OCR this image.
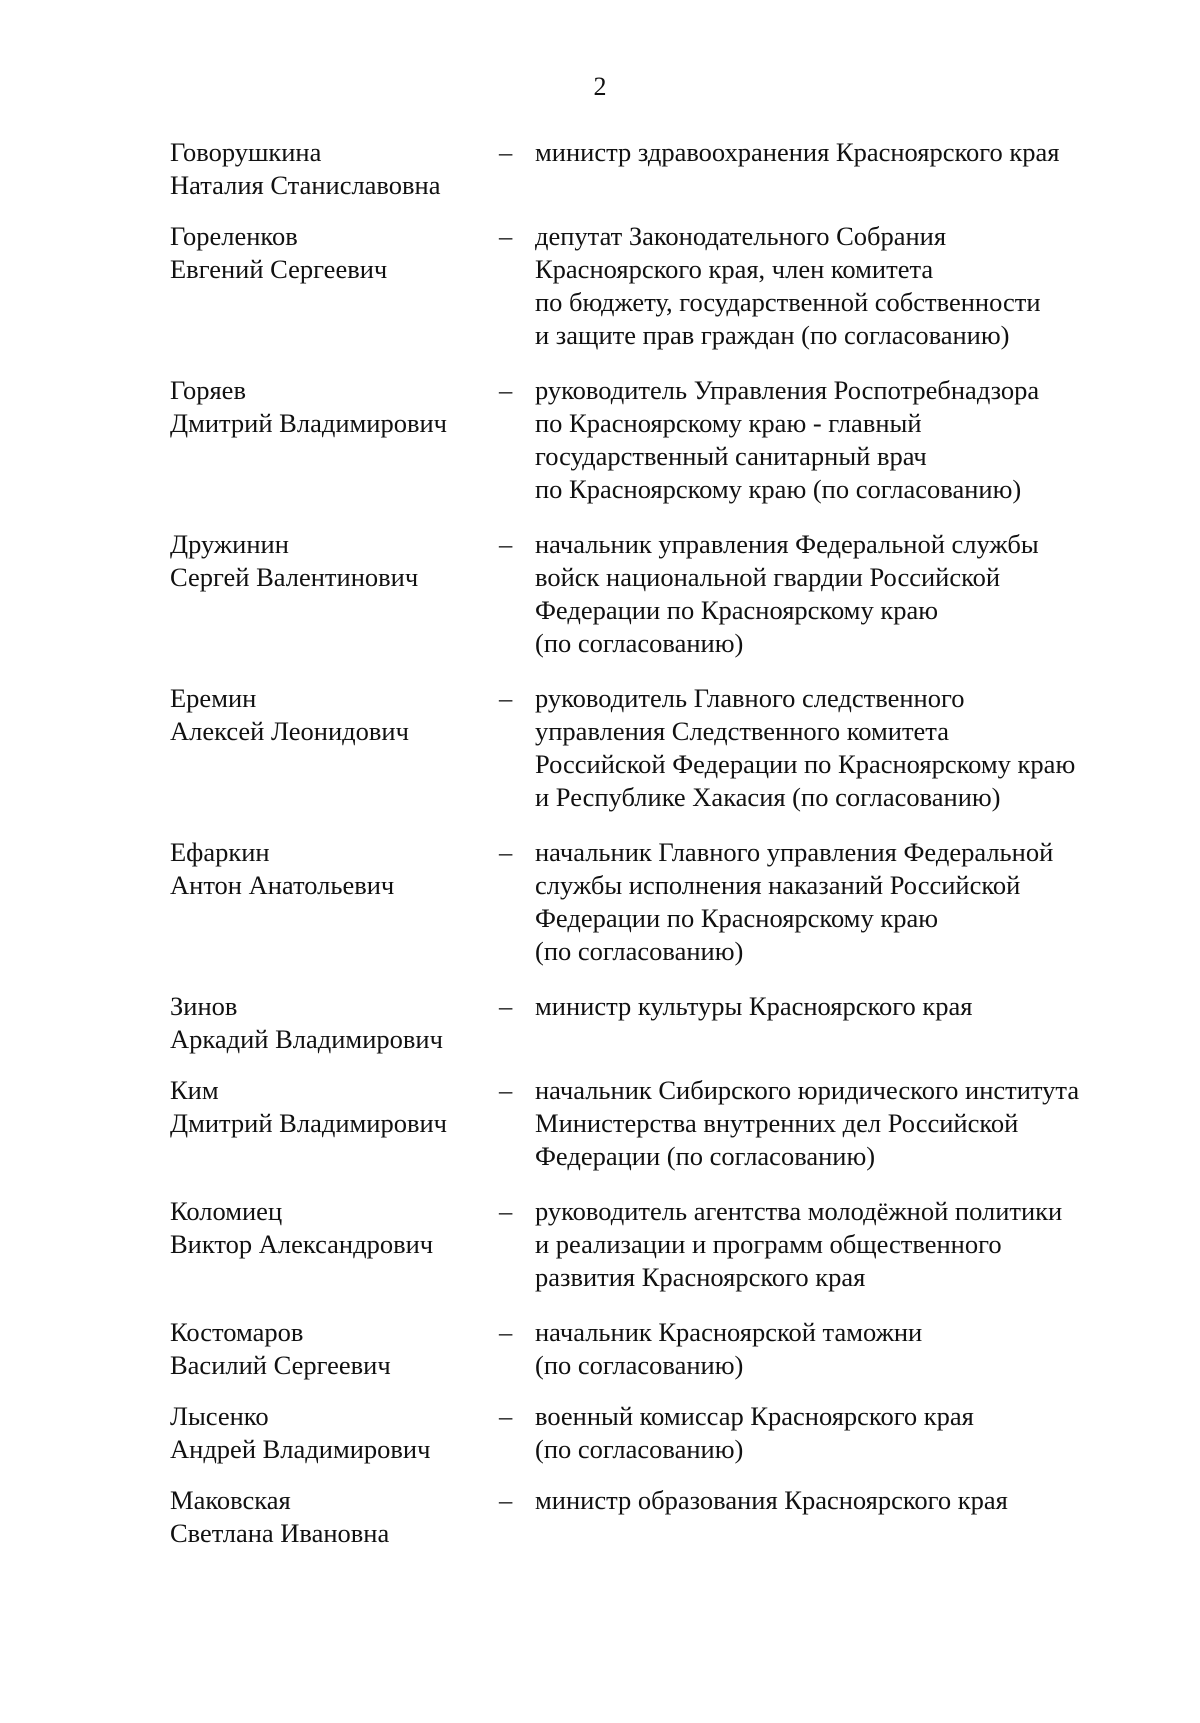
2
Говорушкина
Наталия Станиславовна
– министр здравоохранения Красноярского края
Гореленков
Евгений Сергеевич
– депутат Законодательного Собрания
Красноярского края, член комитета
по бюджету, государственной собственности
и защите прав граждан (по согласованию)
Горяев
Дмитрий Владимирович
– руководитель Управления Роспотребнадзора
по Красноярскому краю - главный
государственный санитарный врач
по Красноярскому краю (по согласованию)
Дружинин
Сергей Валентинович
– начальник управления Федеральной службы
войск национальной гвардии Российской
Федерации по Красноярскому краю
(по согласованию)
Еремин
Алексей Леонидович
– руководитель Главного следственного
управления Следственного комитета
Российской Федерации по Красноярскому краю
и Республике Хакасия (по согласованию)
Ефаркин
Антон Анатольевич
– начальник Главного управления Федеральной
службы исполнения наказаний Российской
Федерации по Красноярскому краю
(по согласованию)
Зинов
Аркадий Владимирович
– министр культуры Красноярского края
Ким
Дмитрий Владимирович
– начальник Сибирского юридического института
Министерства внутренних дел Российской
Федерации (по согласованию)
Коломиец
Виктор Александрович
– руководитель агентства молодёжной политики
и реализации и программ общественного
развития Красноярского края
Костомаров
Василий Сергеевич
– начальник Красноярской таможни
(по согласованию)
Лысенко
Андрей Владимирович
– военный комиссар Красноярского края
(по согласованию)
Маковская
Светлана Ивановна
– министр образования Красноярского края
